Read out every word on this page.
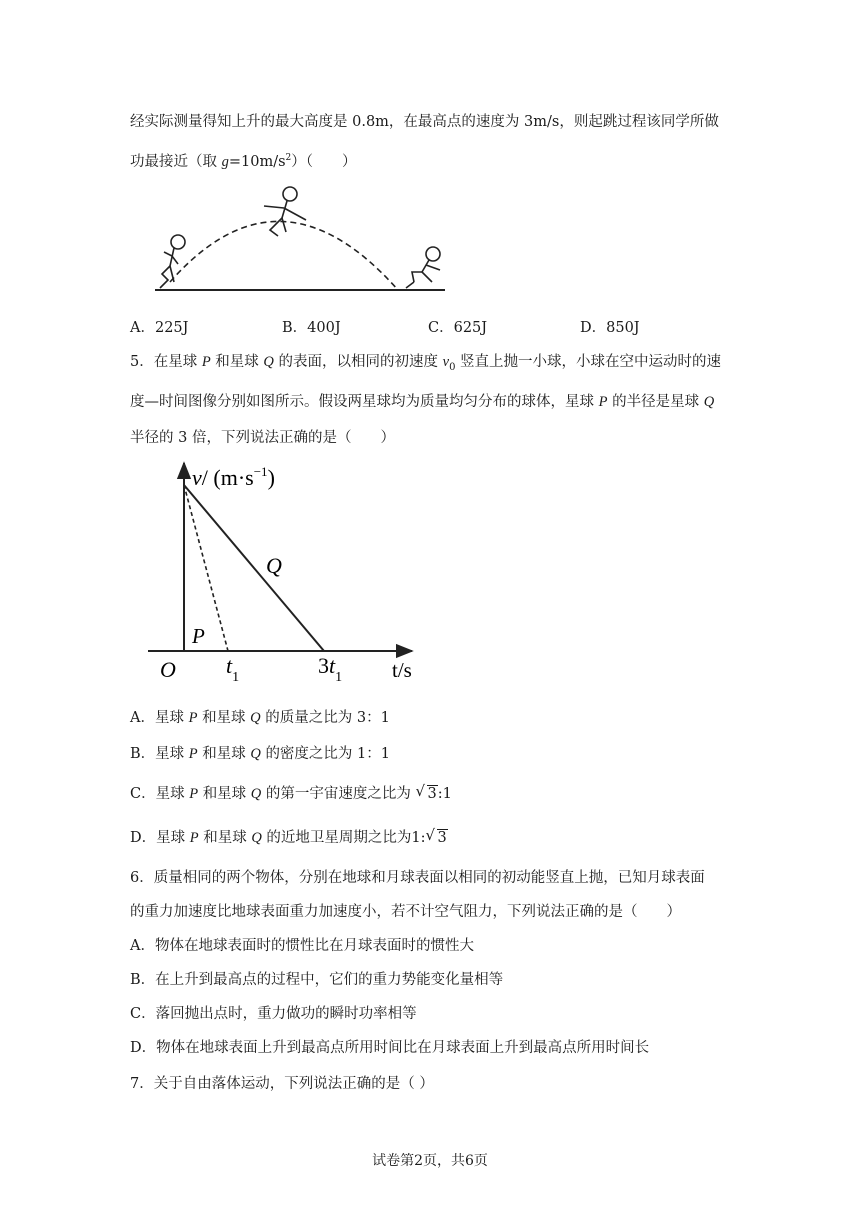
经实际测量得知上升的最大高度是 0.8m，在最高点的速度为 3m/s，则起跳过程该同学所做
功最接近（取 $g=10m/s^2$）（　　）
A．225J	B．400J	C．625J	D．850J
5．在星球 P 和星球 Q 的表面，以相同的初速度 $v_0$ 竖直上抛一小球，小球在空中运动时的速
度—时间图像分别如图所示。假设两星球均为质量均匀分布的球体，星球 P 的半径是星球 Q
半径的 3 倍，下列说法正确的是（　　）
v/ $(m\cdot s^{-1})$
Q
P
O $t_1$	$3t_1$ t/s
A．星球 P 和星球 Q 的质量之比为 3：1
B．星球 P 和星球 Q 的密度之比为 1：1
C．星球 P 和星球 Q 的第一宇宙速度之比为 √ 3:1
D．星球 P 和星球 Q 的近地卫星周期之比为1: √ 3
6．质量相同的两个物体，分别在地球和月球表面以相同的初动能竖直上抛，已知月球表面
的重力加速度比地球表面重力加速度小，若不计空气阻力，下列说法正确的是（　　）
A．物体在地球表面时的惯性比在月球表面时的惯性大
B．在上升到最高点的过程中，它们的重力势能变化量相等
C．落回抛出点时，重力做功的瞬时功率相等
D．物体在地球表面上升到最高点所用时间比在月球表面上升到最高点所用时间长
7．关于自由落体运动，下列说法正确的是（ ）
试卷第2页，共6页
